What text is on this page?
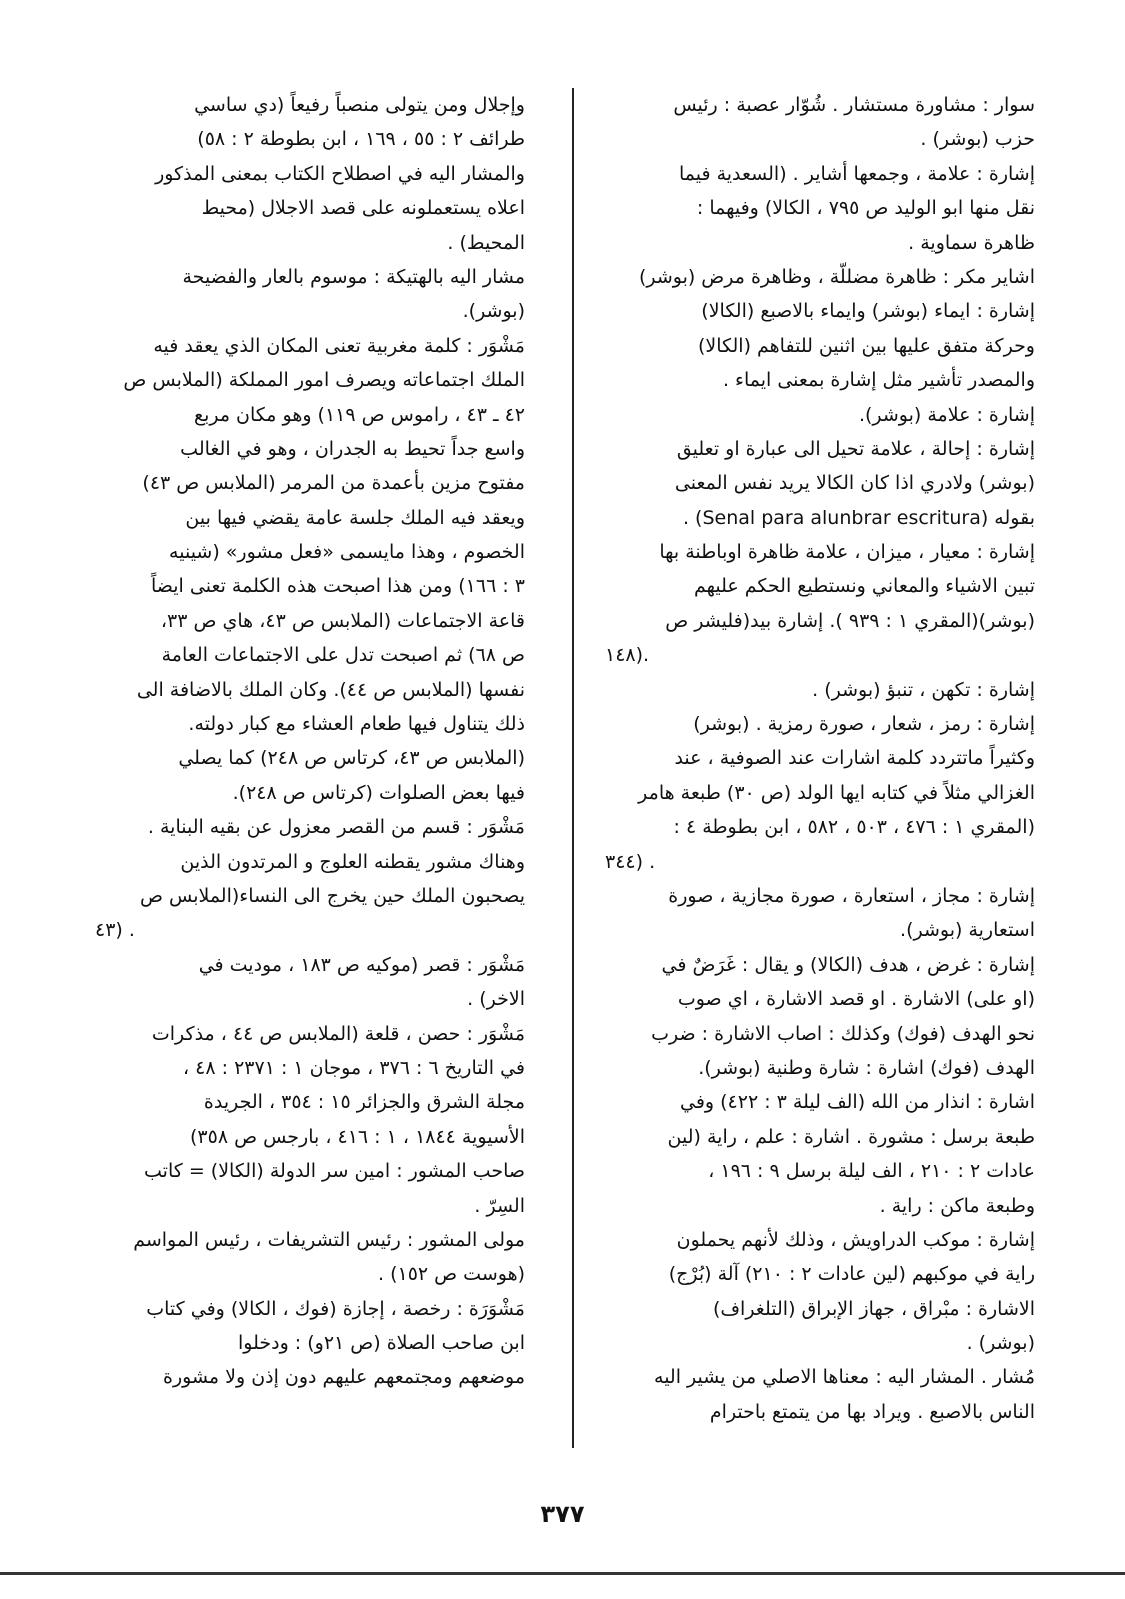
سوار : مشاورة مستشار . شُوّار عصبة : رئيس
حزب (بوشر) .
إشارة : علامة ، وجمعها أشاير . (السعدية فيما
نقل منها ابو الوليد ص ٧٩٥ ، الكالا) وفيهما :
ظاهرة سماوية .
اشاير مكر : ظاهرة مضللّة ، وظاهرة مرض (بوشر)
إشارة : ايماء (بوشر) وايماء بالاصبع (الكالا)
وحركة متفق عليها بين اثنين للتفاهم (الكالا)
والمصدر تأشير مثل إشارة بمعنى ايماء .
إشارة : علامة (بوشر).
إشارة : إحالة ، علامة تحيل الى عبارة او تعليق
(بوشر) ولادري اذا كان الكالا يريد نفس المعنى
بقوله (Senal para alunbrar escritura) .
إشارة : معيار ، ميزان ، علامة ظاهرة اوباطنة بها
تبين الاشياء والمعاني ونستطيع الحكم عليهم
(بوشر)(المقري ١ : ٩٣٩ ). إشارة بيد(فليشر ص
١٤٨).
إشارة : تكهن ، تنبؤ (بوشر) .
إشارة : رمز ، شعار ، صورة رمزية . (بوشر)
وكثيراً ماتتردد كلمة اشارات عند الصوفية ، عند
الغزالي مثلاً في كتابه ايها الولد (ص ٣٠) طبعة هامر
(المقري ١ : ٤٧٦ ، ٥٠٣ ، ٥٨٢ ، ابن بطوطة ٤ :
٣٤٤) .
إشارة : مجاز ، استعارة ، صورة مجازية ، صورة
استعارية (بوشر).
إشارة : غرض ، هدف (الكالا) و يقال : غَرَضٌ في
(او على) الاشارة . او قصد الاشارة ، اي صوب
نحو الهدف (فوك) وكذلك : اصاب الاشارة : ضرب
الهدف (فوك) اشارة : شارة وطنية (بوشر).
اشارة : انذار من الله (الف ليلة ٣ : ٤٢٢) وفي
طبعة برسل : مشورة . اشارة : علم ، راية (لين
عادات ٢ : ٢١٠ ، الف ليلة برسل ٩ : ١٩٦ ،
وطبعة ماكن : راية .
إشارة : موكب الدراويش ، وذلك لأنهم يحملون
راية في موكبهم (لين عادات ٢ : ٢١٠) آلة (بُرْج)
الاشارة : مبْراق ، جهاز الإبراق (التلغراف)
(بوشر) .
مُشار . المشار اليه : معناها الاصلي من يشير اليه
الناس بالاصبع . ويراد بها من يتمتع باحترام
وإجلال ومن يتولى منصباً رفيعاً (دي ساسي
طرائف ٢ : ٥٥ ، ١٦٩ ، ابن بطوطة ٢ : ٥٨)
والمشار اليه في اصطلاح الكتاب بمعنى المذكور
اعلاه يستعملونه على قصد الاجلال (محيط
المحيط) .
مشار اليه بالهتيكة : موسوم بالعار والفضيحة
(بوشر).
مَشْوَر : كلمة مغربية تعنى المكان الذي يعقد فيه
الملك اجتماعاته ويصرف امور المملكة (الملابس ص
٤٢ ـ ٤٣ ، راموس ص ١١٩) وهو مكان مربع
واسع جداً تحيط به الجدران ، وهو في الغالب
مفتوح مزين بأعمدة من المرمر (الملابس ص ٤٣)
ويعقد فيه الملك جلسة عامة يقضي فيها بين
الخصوم ، وهذا مايسمى «فعل مشور» (شينيه
٣ : ١٦٦) ومن هذا اصبحت هذه الكلمة تعنى ايضاً
قاعة الاجتماعات (الملابس ص ٤٣، هاي ص ٣٣،
ص ٦٨) ثم اصبحت تدل على الاجتماعات العامة
نفسها (الملابس ص ٤٤). وكان الملك بالاضافة الى
ذلك يتناول فيها طعام العشاء مع كبار دولته.
(الملابس ص ٤٣، كرتاس ص ٢٤٨) كما يصلي
فيها بعض الصلوات (كرتاس ص ٢٤٨).
مَشْوَر : قسم من القصر معزول عن بقيه البناية .
وهناك مشور يقطنه العلوج و المرتدون الذين
يصحبون الملك حين يخرج الى النساء(الملابس ص
٤٣) .
مَشْوَر : قصر (موكيه ص ١٨٣ ، موديت في
الاخر) .
مَشْوَر : حصن ، قلعة (الملابس ص ٤٤ ، مذكرات
في التاريخ ٦ : ٣٧٦ ، موجان ١ : ٢٣٧١ : ٤٨ ،
مجلة الشرق والجزائر ١٥ : ٣٥٤ ، الجريدة
الأسيوية ١٨٤٤ ، ١ : ٤١٦ ، بارجس ص ٣٥٨)
صاحب المشور : امين سر الدولة (الكالا) = كاتب
السِرّ .
مولى المشور : رئيس التشريفات ، رئيس المواسم
(هوست ص ١٥٢) .
مَشْوَرَة : رخصة ، إجازة (فوك ، الكالا) وفي كتاب
ابن صاحب الصلاة (ص ٢١و) : ودخلوا
موضعهم ومجتمعهم عليهم دون إذن ولا مشورة
٣٧٧
